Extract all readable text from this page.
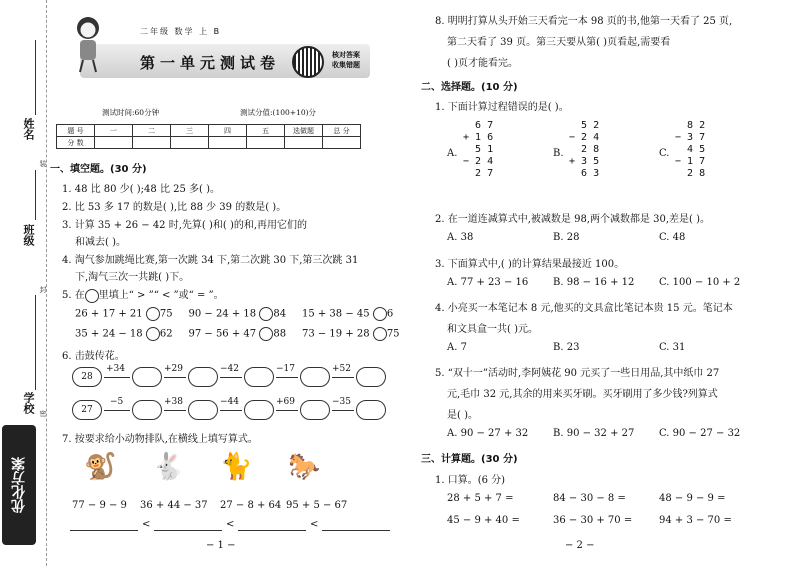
姓名
班级
学校
装
封
密
优化方案
二年级 数学 上 B
第一单元测试卷	核对答案
收集错题
测试时间:60分钟	测试分值:(100+10)分
题 号	一	二	三	四	五	选做题	总 分
分 数							
一、填空题。(30 分)
1. 48 比 80 少( );48 比 25 多( )。
2. 比 53 多 17 的数是( ),比 88 少 39 的数是( )。
3. 计算 35 + 26 − 42 时,先算( )和( )的和,再用它们的
和减去( )。
4. 淘气参加跳绳比赛,第一次跳 34 下,第二次跳 30 下,第三次跳 31
下,淘气三次一共跳( )下。
5. 在 里填上“ > ”“ < ”或“ = ”。
26 + 17 + 21 75 90 − 24 + 18 84 15 + 38 − 45 6
35 + 24 − 18 62 97 − 56 + 47 88 73 − 19 + 28 75
6. 击鼓传花。
28
+34	+29	−42	−17	+52
27
−5	+38	−44	+69	−35
7. 按要求给小动物排队,在横线上填写算式。
🐒 🐇 🐈 🐎
77 − 9 − 9 36 + 44 − 37 27 − 8 + 64 95 + 5 − 67
<	<	<
− 1 −
8. 明明打算从头开始三天看完一本 98 页的书,他第一天看了 25 页,
第二天看了 39 页。第三天要从第( )页看起,需要看
( )页才能看完。
二、选择题。(10 分)
1. 下面计算过程错误的是( )。
A.
6 7
+ 1 6
5 1
− 2 4
2 7
B.
5 2
− 2 4
2 8
+ 3 5
6 3
C.
8 2
− 3 7
4 5
− 1 7
2 8
2. 在一道连减算式中,被减数是 98,两个减数都是 30,差是( )。
A. 38	B. 28	C. 48
3. 下面算式中,( )的计算结果最接近 100。
A. 77 + 23 − 16 B. 98 − 16 + 12 C. 100 − 10 + 2
4. 小亮买一本笔记本 8 元,他买的文具盒比笔记本贵 15 元。笔记本
和文具盒一共( )元。
A. 7	B. 23	C. 31
5. “双十一”活动时,李阿姨花 90 元买了一些日用品,其中纸巾 27
元,毛巾 32 元,其余的用来买牙刷。买牙刷用了多少钱?列算式
是( )。
A. 90 − 27 + 32 B. 90 − 32 + 27 C. 90 − 27 − 32
三、计算题。(30 分)
1. 口算。(6 分)
28 + 5 + 7 =	84 − 30 − 8 =	48 − 9 − 9 =
45 − 9 + 40 =	36 − 30 + 70 =	94 + 3 − 70 =
− 2 −
